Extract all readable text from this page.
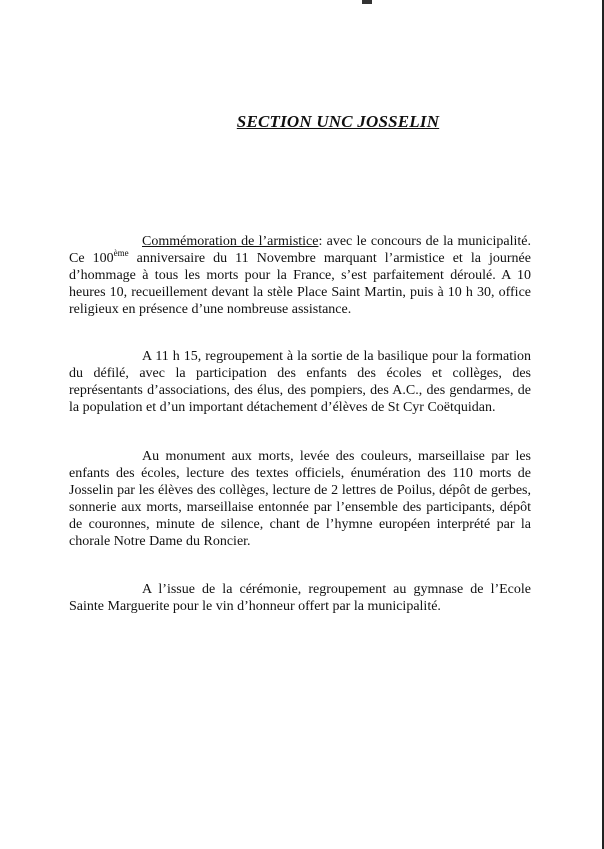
SECTION UNC JOSSELIN

Commémoration de l’armistice: avec le concours de la municipalité. Ce 100ème anniversaire du 11 Novembre marquant l’armistice et la journée d’hommage à tous les morts pour la France, s’est parfaitement déroulé. A 10 heures 10, recueillement devant la stèle Place Saint Martin, puis à 10 h 30, office religieux en présence d’une nombreuse assistance.

A 11 h 15, regroupement à la sortie de la basilique pour la formation du défilé, avec la participation des enfants des écoles et collèges, des représentants d’associations, des élus, des pompiers, des A.C., des gendarmes, de la population et d’un important détachement d’élèves de St Cyr Coëtquidan.

Au monument aux morts, levée des couleurs, marseillaise par les enfants des écoles, lecture des textes officiels, énumération des 110 morts de Josselin par les élèves des collèges, lecture de 2 lettres de Poilus, dépôt de gerbes, sonnerie aux morts, marseillaise entonnée par l’ensemble des participants, dépôt de couronnes, minute de silence, chant de l’hymne européen interprété par la chorale Notre Dame du Roncier.

A l’issue de la cérémonie, regroupement au gymnase de l’Ecole Sainte Marguerite pour le vin d’honneur offert par la municipalité.
